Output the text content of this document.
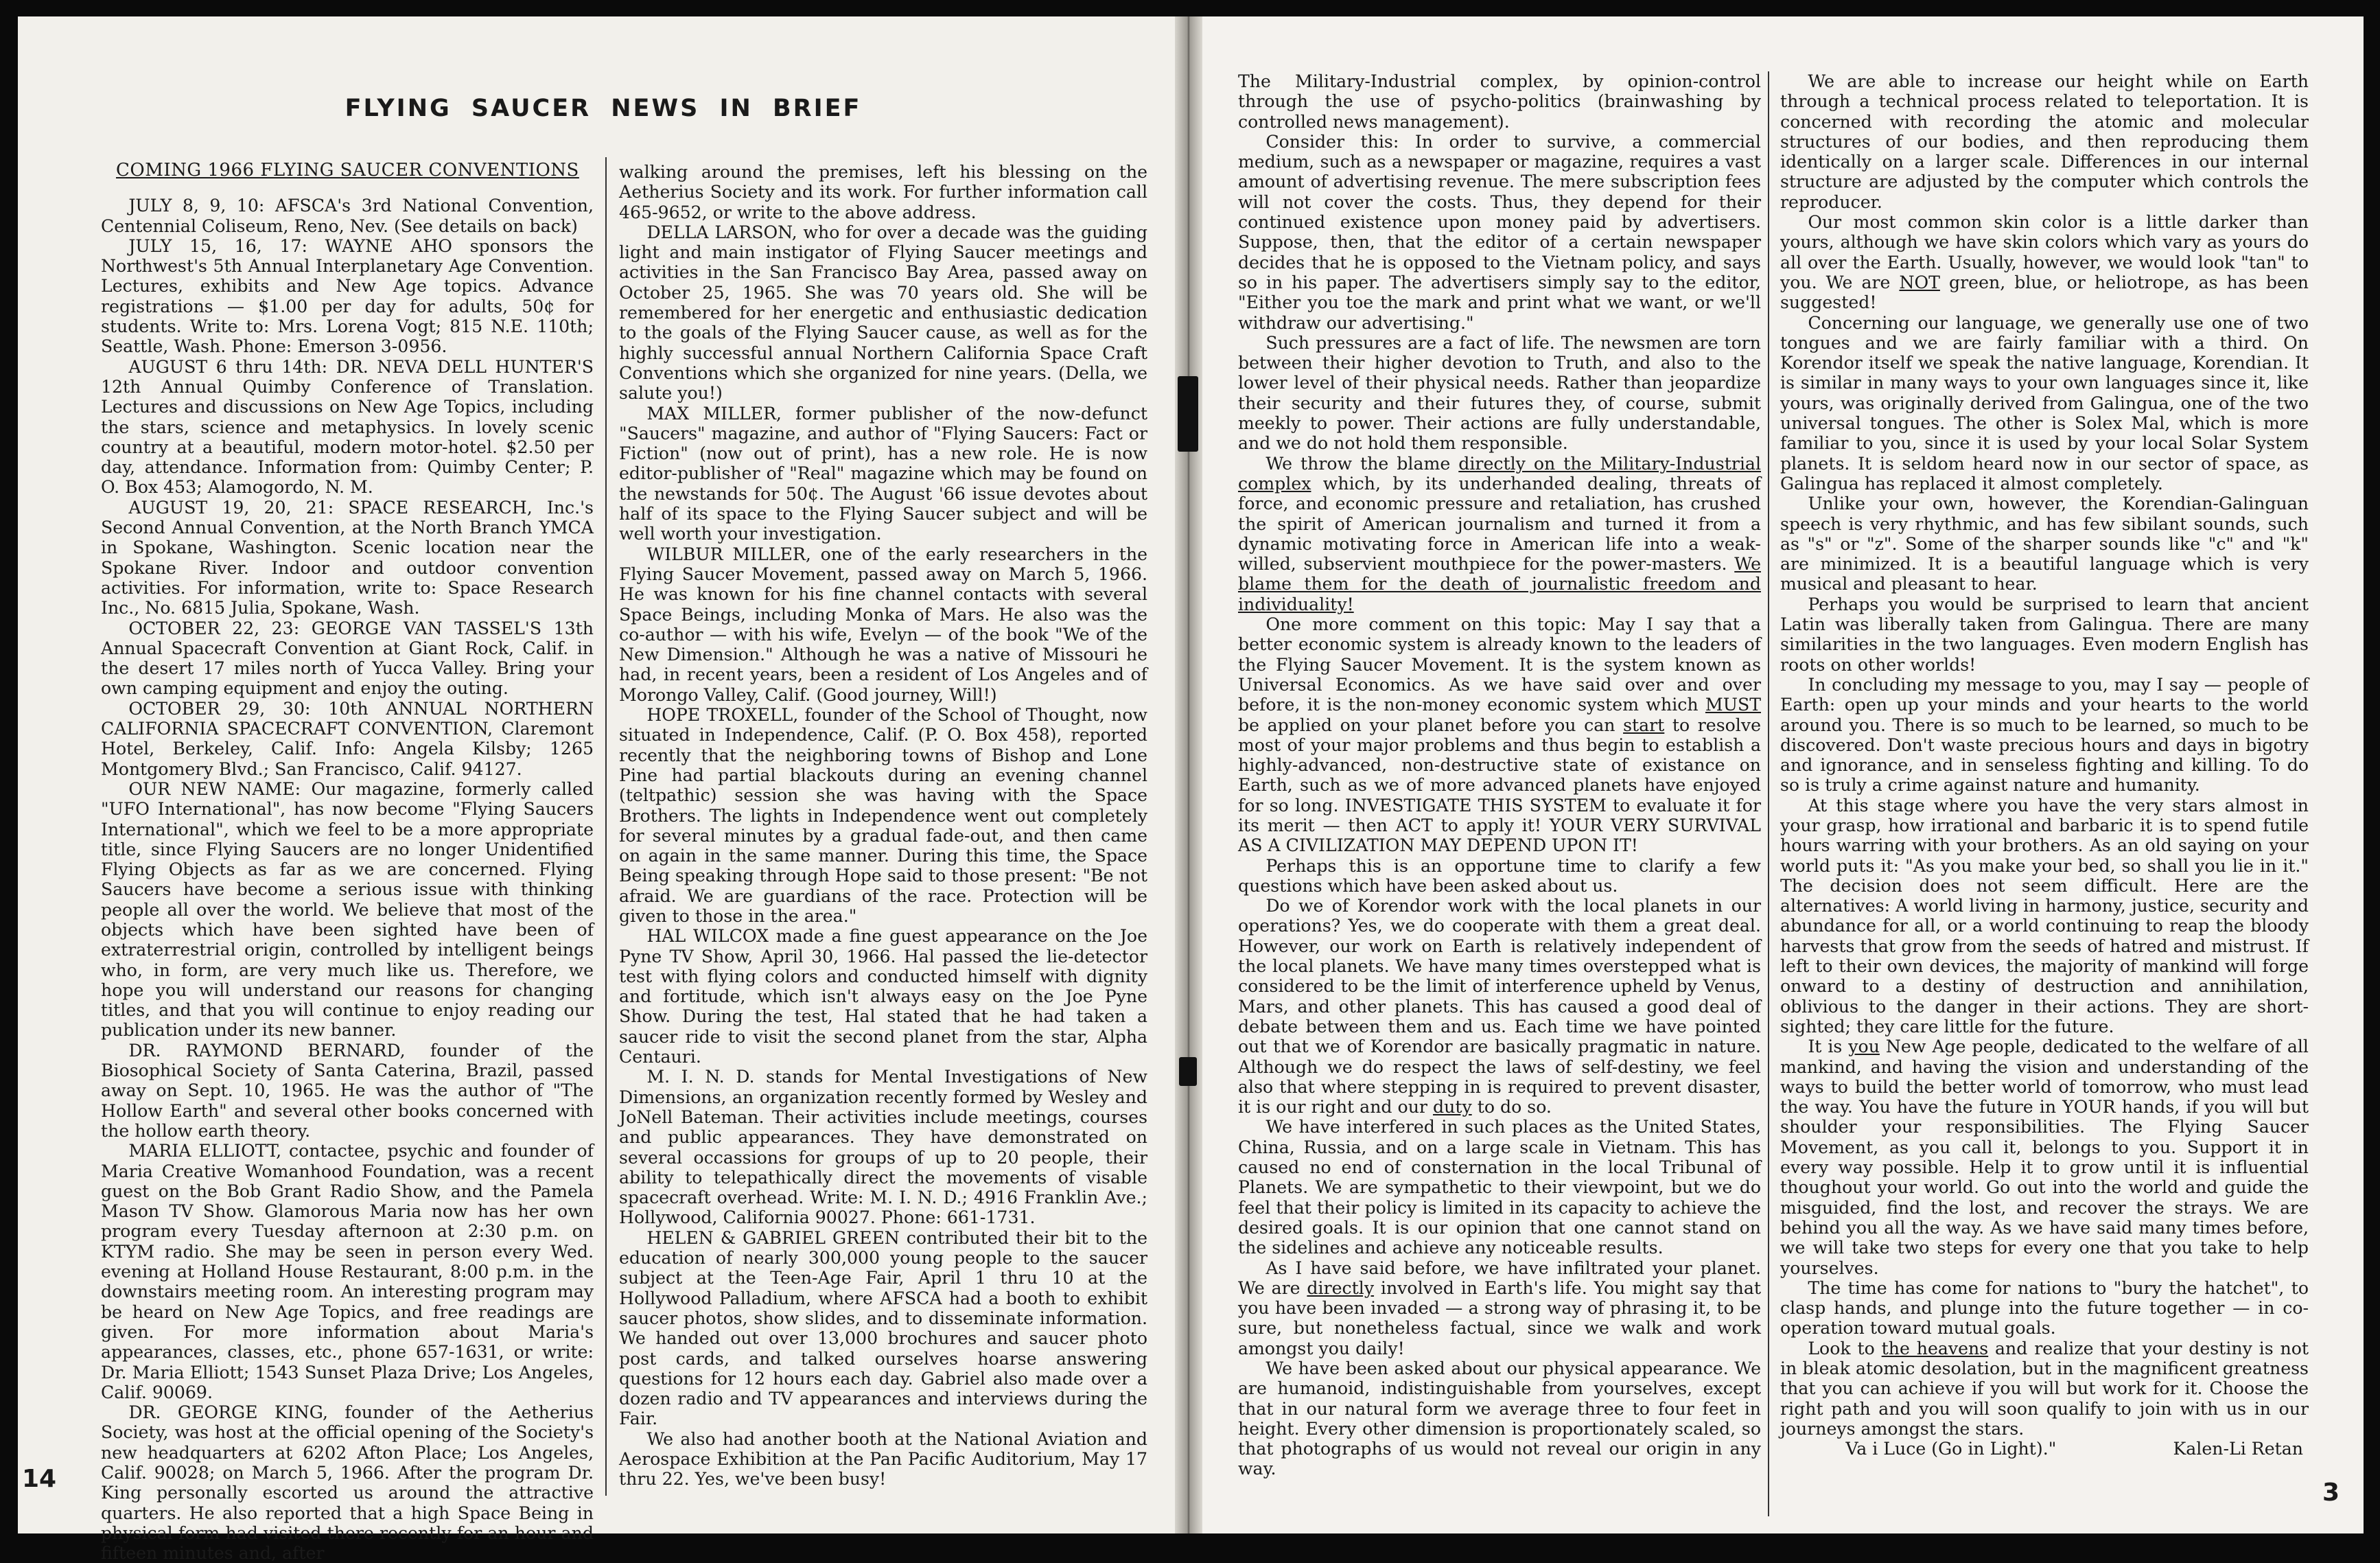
FLYING SAUCER NEWS IN BRIEF

COMING 1966 FLYING SAUCER CONVENTIONS

JULY 8, 9, 10: AFSCA's 3rd National Convention, Centennial Coliseum, Reno, Nev. (See details on back)

JULY 15, 16, 17: WAYNE AHO sponsors the Northwest's 5th Annual Interplanetary Age Convention. Lectures, exhibits and New Age topics. Advance registrations — $1.00 per day for adults, 50¢ for students. Write to: Mrs. Lorena Vogt; 815 N.E. 110th; Seattle, Wash. Phone: Emerson 3-0956.

AUGUST 6 thru 14th: DR. NEVA DELL HUNTER'S 12th Annual Quimby Conference of Translation. Lectures and discussions on New Age Topics, including the stars, science and metaphysics. In lovely scenic country at a beautiful, modern motor-hotel. $2.50 per day, attendance. Information from: Quimby Center; P. O. Box 453; Alamogordo, N. M.

AUGUST 19, 20, 21: SPACE RESEARCH, Inc.'s Second Annual Convention, at the North Branch YMCA in Spokane, Washington. Scenic location near the Spokane River. Indoor and outdoor convention activities. For information, write to: Space Research Inc., No. 6815 Julia, Spokane, Wash.

OCTOBER 22, 23: GEORGE VAN TASSEL'S 13th Annual Spacecraft Convention at Giant Rock, Calif. in the desert 17 miles north of Yucca Valley. Bring your own camping equipment and enjoy the outing.

OCTOBER 29, 30: 10th ANNUAL NORTHERN CALIFORNIA SPACECRAFT CONVENTION, Claremont Hotel, Berkeley, Calif. Info: Angela Kilsby; 1265 Montgomery Blvd.; San Francisco, Calif. 94127.

OUR NEW NAME: Our magazine, formerly called "UFO International", has now become "Flying Saucers International", which we feel to be a more appropriate title, since Flying Saucers are no longer Unidentified Flying Objects as far as we are concerned. Flying Saucers have become a serious issue with thinking people all over the world. We believe that most of the objects which have been sighted have been of extraterrestrial origin, controlled by intelligent beings who, in form, are very much like us. Therefore, we hope you will understand our reasons for changing titles, and that you will continue to enjoy reading our publication under its new banner.

DR. RAYMOND BERNARD, founder of the Biosophical Society of Santa Caterina, Brazil, passed away on Sept. 10, 1965. He was the author of "The Hollow Earth" and several other books concerned with the hollow earth theory.

MARIA ELLIOTT, contactee, psychic and founder of Maria Creative Womanhood Foundation, was a recent guest on the Bob Grant Radio Show, and the Pamela Mason TV Show. Glamorous Maria now has her own program every Tuesday afternoon at 2:30 p.m. on KTYM radio. She may be seen in person every Wed. evening at Holland House Restaurant, 8:00 p.m. in the downstairs meeting room. An interesting program may be heard on New Age Topics, and free readings are given. For more information about Maria's appearances, classes, etc., phone 657-1631, or write: Dr. Maria Elliott; 1543 Sunset Plaza Drive; Los Angeles, Calif. 90069.

DR. GEORGE KING, founder of the Aetherius Society, was host at the official opening of the Society's new headquarters at 6202 Afton Place; Los Angeles, Calif. 90028; on March 5, 1966. After the program Dr. King personally escorted us around the attractive quarters. He also reported that a high Space Being in physical form had visited there recently for an hour and fifteen minutes and, after

walking around the premises, left his blessing on the Aetherius Society and its work. For further information call 465-9652, or write to the above address.

DELLA LARSON, who for over a decade was the guiding light and main instigator of Flying Saucer meetings and activities in the San Francisco Bay Area, passed away on October 25, 1965. She was 70 years old. She will be remembered for her energetic and enthusiastic dedication to the goals of the Flying Saucer cause, as well as for the highly successful annual Northern California Space Craft Conventions which she organized for nine years. (Della, we salute you!)

MAX MILLER, former publisher of the now-defunct "Saucers" magazine, and author of "Flying Saucers: Fact or Fiction" (now out of print), has a new role. He is now editor-publisher of "Real" magazine which may be found on the newstands for 50¢. The August '66 issue devotes about half of its space to the Flying Saucer subject and will be well worth your investigation.

WILBUR MILLER, one of the early researchers in the Flying Saucer Movement, passed away on March 5, 1966. He was known for his fine channel contacts with several Space Beings, including Monka of Mars. He also was the co-author — with his wife, Evelyn — of the book "We of the New Dimension." Although he was a native of Missouri he had, in recent years, been a resident of Los Angeles and of Morongo Valley, Calif. (Good journey, Will!)

HOPE TROXELL, founder of the School of Thought, now situated in Independence, Calif. (P. O. Box 458), reported recently that the neighboring towns of Bishop and Lone Pine had partial blackouts during an evening channel (teltpathic) session she was having with the Space Brothers. The lights in Independence went out completely for several minutes by a gradual fade-out, and then came on again in the same manner. During this time, the Space Being speaking through Hope said to those present: "Be not afraid. We are guardians of the race. Protection will be given to those in the area."

HAL WILCOX made a fine guest appearance on the Joe Pyne TV Show, April 30, 1966. Hal passed the lie-detector test with flying colors and conducted himself with dignity and fortitude, which isn't always easy on the Joe Pyne Show. During the test, Hal stated that he had taken a saucer ride to visit the second planet from the star, Alpha Centauri.

M. I. N. D. stands for Mental Investigations of New Dimensions, an organization recently formed by Wesley and JoNell Bateman. Their activities include meetings, courses and public appearances. They have demonstrated on several occassions for groups of up to 20 people, their ability to telepathically direct the movements of visable spacecraft overhead. Write: M. I. N. D.; 4916 Franklin Ave.; Hollywood, California 90027. Phone: 661-1731.

HELEN & GABRIEL GREEN contributed their bit to the education of nearly 300,000 young people to the saucer subject at the Teen-Age Fair, April 1 thru 10 at the Hollywood Palladium, where AFSCA had a booth to exhibit saucer photos, show slides, and to disseminate information. We handed out over 13,000 brochures and saucer photo post cards, and talked ourselves hoarse answering questions for 12 hours each day. Gabriel also made over a dozen radio and TV appearances and interviews during the Fair.

We also had another booth at the National Aviation and Aerospace Exhibition at the Pan Pacific Auditorium, May 17 thru 22. Yes, we've been busy!

14

The Military-Industrial complex, by opinion-control through the use of psycho-politics (brainwashing by controlled news management).

Consider this: In order to survive, a commercial medium, such as a newspaper or magazine, requires a vast amount of advertising revenue. The mere subscription fees will not cover the costs. Thus, they depend for their continued existence upon money paid by advertisers. Suppose, then, that the editor of a certain newspaper decides that he is opposed to the Vietnam policy, and says so in his paper. The advertisers simply say to the editor, "Either you toe the mark and print what we want, or we'll withdraw our advertising."

Such pressures are a fact of life. The newsmen are torn between their higher devotion to Truth, and also to the lower level of their physical needs. Rather than jeopardize their security and their futures they, of course, submit meekly to power. Their actions are fully understandable, and we do not hold them responsible.

We throw the blame directly on the Military-Industrial complex which, by its underhanded dealing, threats of force, and economic pressure and retaliation, has crushed the spirit of American journalism and turned it from a dynamic motivating force in American life into a weak-willed, subservient mouthpiece for the power-masters. We blame them for the death of journalistic freedom and individuality!

One more comment on this topic: May I say that a better economic system is already known to the leaders of the Flying Saucer Movement. It is the system known as Universal Economics. As we have said over and over before, it is the non-money economic system which MUST be applied on your planet before you can start to resolve most of your major problems and thus begin to establish a highly-advanced, non-destructive state of existance on Earth, such as we of more advanced planets have enjoyed for so long. INVESTIGATE THIS SYSTEM to evaluate it for its merit — then ACT to apply it! YOUR VERY SURVIVAL AS A CIVILIZATION MAY DEPEND UPON IT!

Perhaps this is an opportune time to clarify a few questions which have been asked about us.

Do we of Korendor work with the local planets in our operations? Yes, we do cooperate with them a great deal. However, our work on Earth is relatively independent of the local planets. We have many times overstepped what is considered to be the limit of interference upheld by Venus, Mars, and other planets. This has caused a good deal of debate between them and us. Each time we have pointed out that we of Korendor are basically pragmatic in nature. Although we do respect the laws of self-destiny, we feel also that where stepping in is required to prevent disaster, it is our right and our duty to do so.

We have interfered in such places as the United States, China, Russia, and on a large scale in Vietnam. This has caused no end of consternation in the local Tribunal of Planets. We are sympathetic to their viewpoint, but we do feel that their policy is limited in its capacity to achieve the desired goals. It is our opinion that one cannot stand on the sidelines and achieve any noticeable results.

As I have said before, we have infiltrated your planet. We are directly involved in Earth's life. You might say that you have been invaded — a strong way of phrasing it, to be sure, but nonetheless factual, since we walk and work amongst you daily!

We have been asked about our physical appearance. We are humanoid, indistinguishable from yourselves, except that in our natural form we average three to four feet in height. Every other dimension is proportionately scaled, so that photographs of us would not reveal our origin in any way.

We are able to increase our height while on Earth through a technical process related to teleportation. It is concerned with recording the atomic and molecular structures of our bodies, and then reproducing them identically on a larger scale. Differences in our internal structure are adjusted by the computer which controls the reproducer.

Our most common skin color is a little darker than yours, although we have skin colors which vary as yours do all over the Earth. Usually, however, we would look "tan" to you. We are NOT green, blue, or heliotrope, as has been suggested!

Concerning our language, we generally use one of two tongues and we are fairly familiar with a third. On Korendor itself we speak the native language, Korendian. It is similar in many ways to your own languages since it, like yours, was originally derived from Galingua, one of the two universal tongues. The other is Solex Mal, which is more familiar to you, since it is used by your local Solar System planets. It is seldom heard now in our sector of space, as Galingua has replaced it almost completely.

Unlike your own, however, the Korendian-Galinguan speech is very rhythmic, and has few sibilant sounds, such as "s" or "z". Some of the sharper sounds like "c" and "k" are minimized. It is a beautiful language which is very musical and pleasant to hear.

Perhaps you would be surprised to learn that ancient Latin was liberally taken from Galingua. There are many similarities in the two languages. Even modern English has roots on other worlds!

In concluding my message to you, may I say — people of Earth: open up your minds and your hearts to the world around you. There is so much to be learned, so much to be discovered. Don't waste precious hours and days in bigotry and ignorance, and in senseless fighting and killing. To do so is truly a crime against nature and humanity.

At this stage where you have the very stars almost in your grasp, how irrational and barbaric it is to spend futile hours warring with your brothers. As an old saying on your world puts it: "As you make your bed, so shall you lie in it." The decision does not seem difficult. Here are the alternatives: A world living in harmony, justice, security and abundance for all, or a world continuing to reap the bloody harvests that grow from the seeds of hatred and mistrust. If left to their own devices, the majority of mankind will forge onward to a destiny of destruction and annihilation, oblivious to the danger in their actions. They are short-sighted; they care little for the future.

It is you New Age people, dedicated to the welfare of all mankind, and having the vision and understanding of the ways to build the better world of tomorrow, who must lead the way. You have the future in YOUR hands, if you will but shoulder your responsibilities. The Flying Saucer Movement, as you call it, belongs to you. Support it in every way possible. Help it to grow until it is influential thoughout your world. Go out into the world and guide the misguided, find the lost, and recover the strays. We are behind you all the way. As we have said many times before, we will take two steps for every one that you take to help yourselves.

The time has come for nations to "bury the hatchet", to clasp hands, and plunge into the future together — in co-operation toward mutual goals.

Look to the heavens and realize that your destiny is not in bleak atomic desolation, but in the magnificent greatness that you can achieve if you will but work for it. Choose the right path and you will soon qualify to join with us in our journeys amongst the stars.

Va i Luce (Go in Light)."	Kalen-Li Retan

3
